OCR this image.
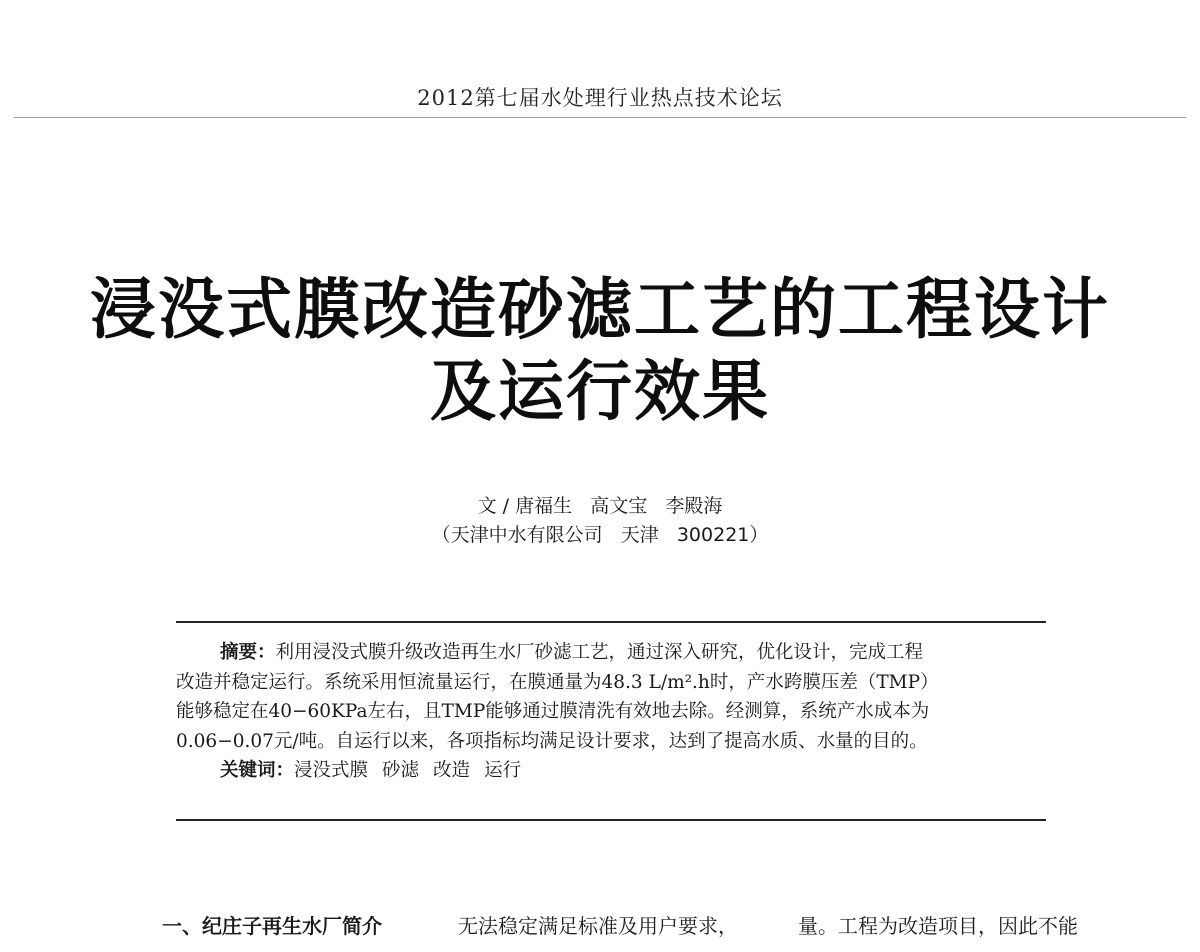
2012第七届水处理行业热点技术论坛
浸没式膜改造砂滤工艺的工程设计
及运行效果
文 / 唐福生   高文宝   李殿海
（天津中水有限公司   天津   300221）
摘要：利用浸没式膜升级改造再生水厂砂滤工艺，通过深入研究，优化设计，完成工程
改造并稳定运行。系统采用恒流量运行，在膜通量为48.3 L/m².h时，产水跨膜压差（TMP）
能够稳定在40−60KPa左右，且TMP能够通过膜清洗有效地去除。经测算，系统产水成本为
0.06−0.07元/吨。自运行以来，各项指标均满足设计要求，达到了提高水质、水量的目的。
关键词：浸没式膜 砂滤 改造 运行
一、纪庄子再生水厂简介	无法稳定满足标准及用户要求，	量。工程为改造项目，因此不能
